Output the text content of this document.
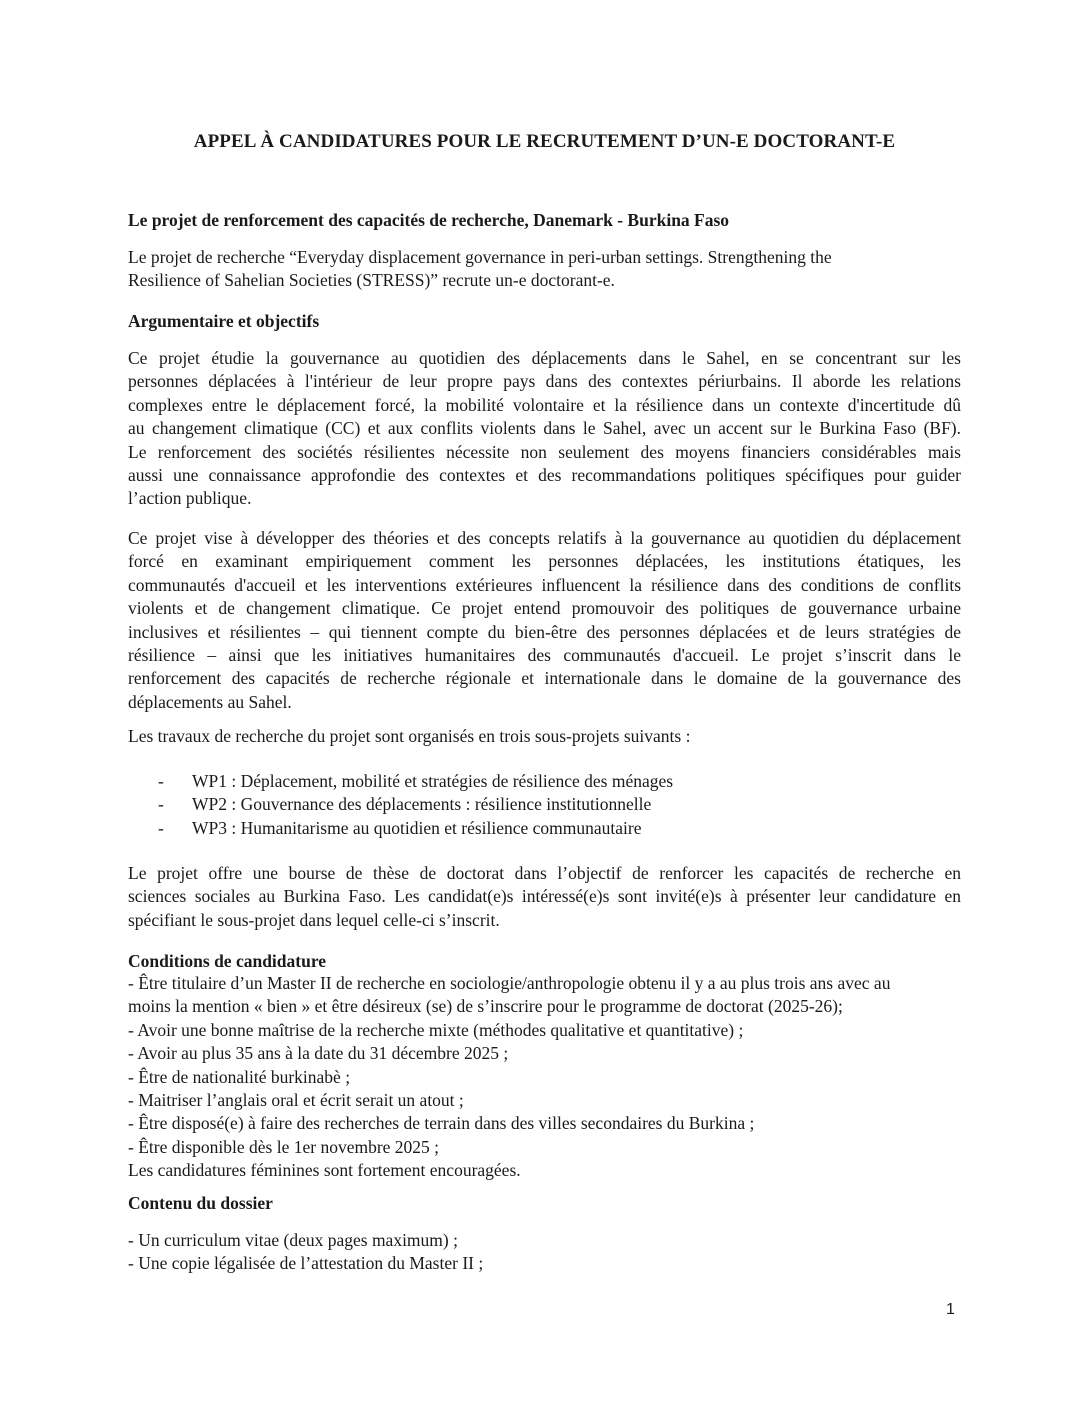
APPEL À CANDIDATURES POUR LE RECRUTEMENT D’UN-E DOCTORANT-E
Le projet de renforcement des capacités de recherche, Danemark - Burkina Faso
Le projet de recherche “Everyday displacement governance in peri-urban settings. Strengthening the
Resilience of Sahelian Societies (STRESS)” recrute un-e doctorant-e.
Argumentaire et objectifs
Ce projet étudie la gouvernance au quotidien des déplacements dans le Sahel, en se concentrant sur les
personnes déplacées à l'intérieur de leur propre pays dans des contextes périurbains. Il aborde les relations
complexes entre le déplacement forcé, la mobilité volontaire et la résilience dans un contexte d'incertitude dû
au changement climatique (CC) et aux conflits violents dans le Sahel, avec un accent sur le Burkina Faso (BF).
Le renforcement des sociétés résilientes nécessite non seulement des moyens financiers considérables mais
aussi une connaissance approfondie des contextes et des recommandations politiques spécifiques pour guider
l’action publique.
Ce projet vise à développer des théories et des concepts relatifs à la gouvernance au quotidien du déplacement
forcé en examinant empiriquement comment les personnes déplacées, les institutions étatiques, les
communautés d'accueil et les interventions extérieures influencent la résilience dans des conditions de conflits
violents et de changement climatique. Ce projet entend promouvoir des politiques de gouvernance urbaine
inclusives et résilientes – qui tiennent compte du bien-être des personnes déplacées et de leurs stratégies de
résilience – ainsi que les initiatives humanitaires des communautés d'accueil. Le projet s’inscrit dans le
renforcement des capacités de recherche régionale et internationale dans le domaine de la gouvernance des
déplacements au Sahel.
Les travaux de recherche du projet sont organisés en trois sous-projets suivants :
- WP1 : Déplacement, mobilité et stratégies de résilience des ménages
- WP2 : Gouvernance des déplacements : résilience institutionnelle
- WP3 : Humanitarisme au quotidien et résilience communautaire
Le projet offre une bourse de thèse de doctorat dans l’objectif de renforcer les capacités de recherche en
sciences sociales au Burkina Faso. Les candidat(e)s intéressé(e)s sont invité(e)s à présenter leur candidature en
spécifiant le sous-projet dans lequel celle-ci s’inscrit.
Conditions de candidature
- Être titulaire d’un Master II de recherche en sociologie/anthropologie obtenu il y a au plus trois ans avec au
moins la mention « bien » et être désireux (se) de s’inscrire pour le programme de doctorat (2025-26);
- Avoir une bonne maîtrise de la recherche mixte (méthodes qualitative et quantitative) ;
- Avoir au plus 35 ans à la date du 31 décembre 2025 ;
- Être de nationalité burkinabè ;
- Maitriser l’anglais oral et écrit serait un atout ;
- Être disposé(e) à faire des recherches de terrain dans des villes secondaires du Burkina ;
- Être disponible dès le 1er novembre 2025 ;
Les candidatures féminines sont fortement encouragées.
Contenu du dossier
- Un curriculum vitae (deux pages maximum) ;
- Une copie légalisée de l’attestation du Master II ;
1
